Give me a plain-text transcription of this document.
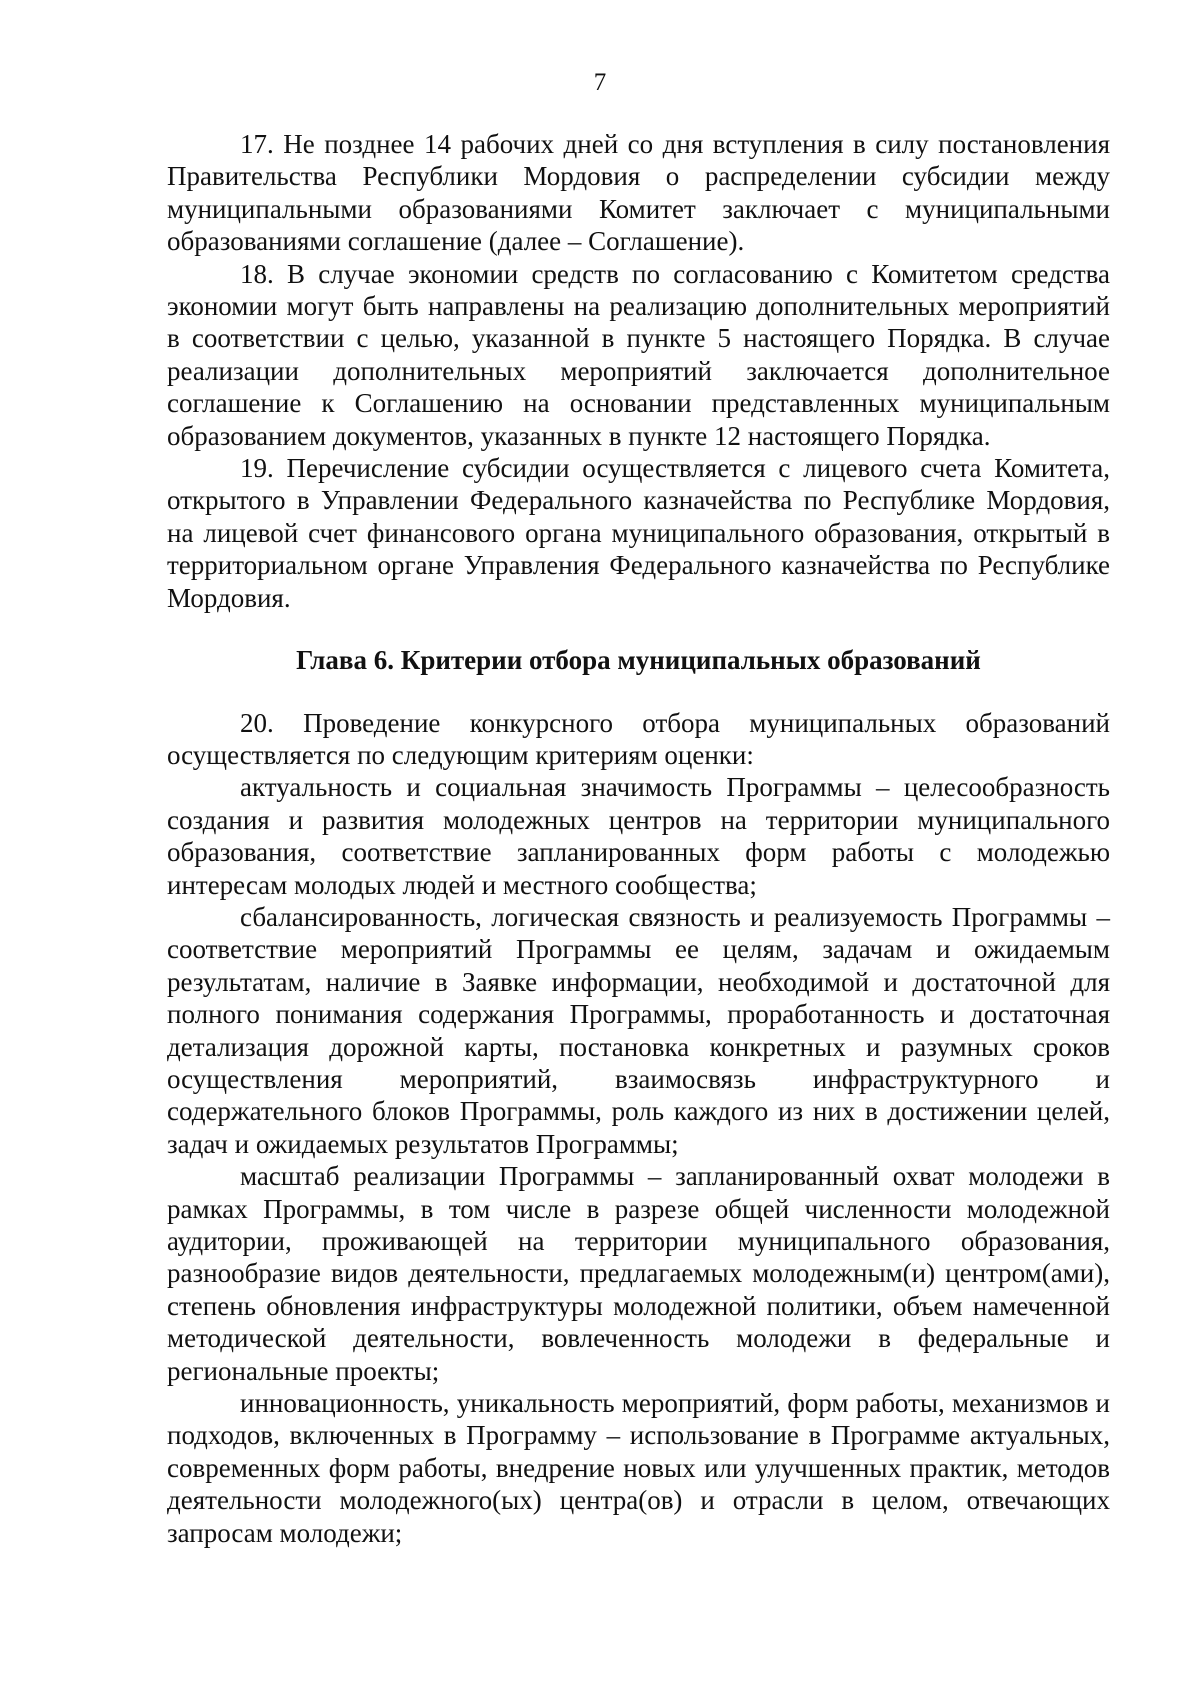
7

17. Не позднее 14 рабочих дней со дня вступления в силу постановления Правительства Республики Мордовия о распределении субсидии между муниципальными образованиями Комитет заключает с муниципальными образованиями соглашение (далее – Соглашение).

18. В случае экономии средств по согласованию с Комитетом средства экономии могут быть направлены на реализацию дополнительных мероприятий в соответствии с целью, указанной в пункте 5 настоящего Порядка. В случае реализации дополнительных мероприятий заключается дополнительное соглашение к Соглашению на основании представленных муниципальным образованием документов, указанных в пункте 12 настоящего Порядка.

19. Перечисление субсидии осуществляется с лицевого счета Комитета, открытого в Управлении Федерального казначейства по Республике Мордовия, на лицевой счет финансового органа муниципального образования, открытый в территориальном органе Управления Федерального казначейства по Республике Мордовия.

Глава 6. Критерии отбора муниципальных образований

20. Проведение конкурсного отбора муниципальных образований осуществляется по следующим критериям оценки:

актуальность и социальная значимость Программы – целесообразность создания и развития молодежных центров на территории муниципального образования, соответствие запланированных форм работы с молодежью интересам молодых людей и местного сообщества;

сбалансированность, логическая связность и реализуемость Программы – соответствие мероприятий Программы ее целям, задачам и ожидаемым результатам, наличие в Заявке информации, необходимой и достаточной для полного понимания содержания Программы, проработанность и достаточная детализация дорожной карты, постановка конкретных и разумных сроков осуществления мероприятий, взаимосвязь инфраструктурного и содержательного блоков Программы, роль каждого из них в достижении целей, задач и ожидаемых результатов Программы;

масштаб реализации Программы – запланированный охват молодежи в рамках Программы, в том числе в разрезе общей численности молодежной аудитории, проживающей на территории муниципального образования, разнообразие видов деятельности, предлагаемых молодежным(и) центром(ами), степень обновления инфраструктуры молодежной политики, объем намеченной методической деятельности, вовлеченность молодежи в федеральные и региональные проекты;

инновационность, уникальность мероприятий, форм работы, механизмов и подходов, включенных в Программу – использование в Программе актуальных, современных форм работы, внедрение новых или улучшенных практик, методов деятельности молодежного(ых) центра(ов) и отрасли в целом, отвечающих запросам молодежи;
